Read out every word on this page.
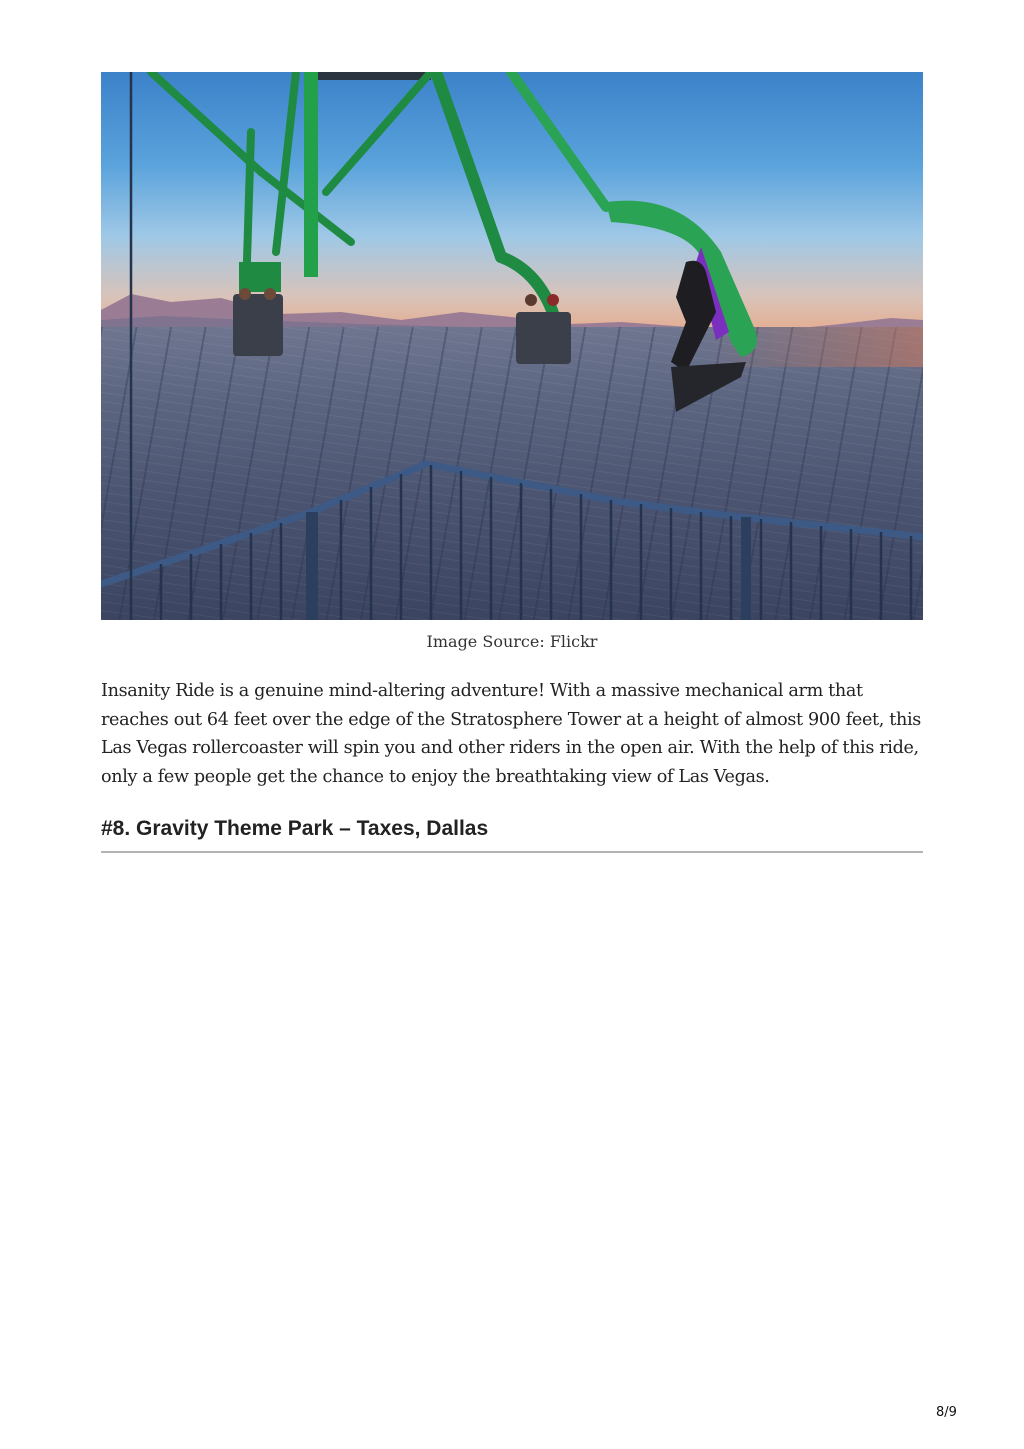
Image Source: Flickr

Insanity Ride is a genuine mind-altering adventure! With a massive mechanical arm that reaches out 64 feet over the edge of the Stratosphere Tower at a height of almost 900 feet, this Las Vegas rollercoaster will spin you and other riders in the open air. With the help of this ride, only a few people get the chance to enjoy the breathtaking view of Las Vegas.

#8. Gravity Theme Park – Taxes, Dallas
8/9
